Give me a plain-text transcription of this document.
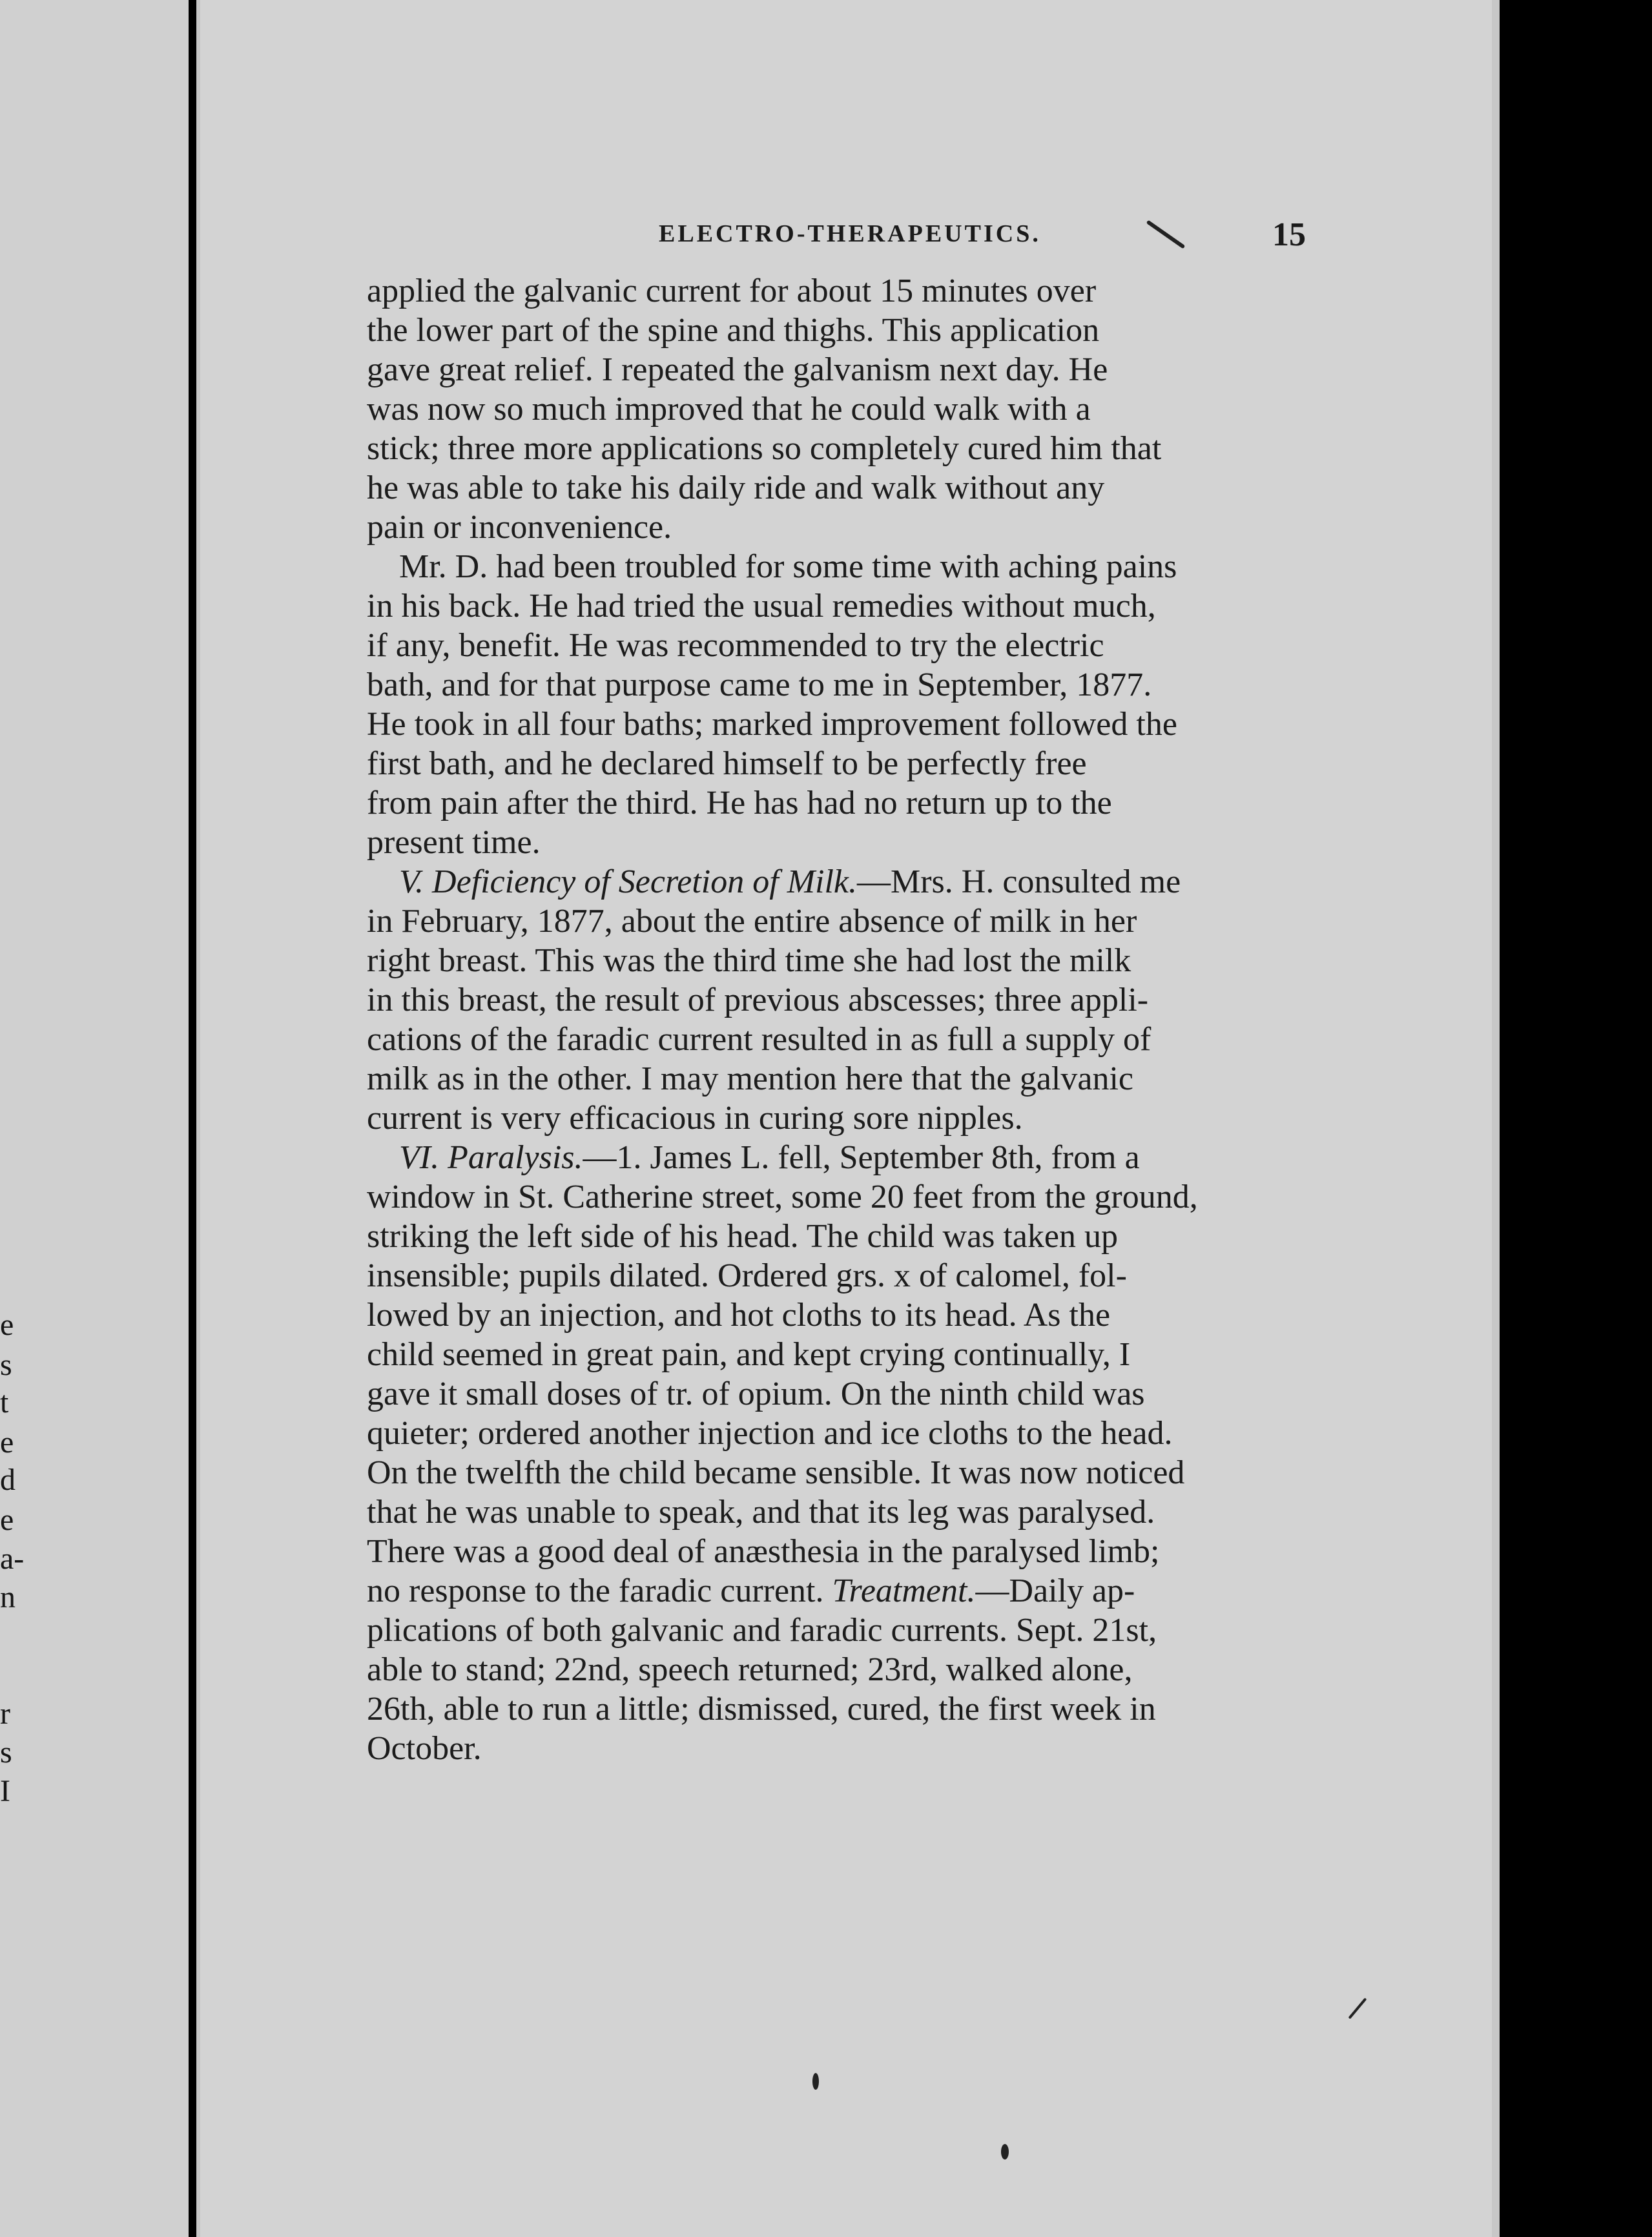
e
s
t
e
d
e
a-
n
r
s
I
ELECTRO-THERAPEUTICS.	15

applied the galvanic current for about 15 minutes over
the lower part of the spine and thighs. This application
gave great relief. I repeated the galvanism next day. He
was now so much improved that he could walk with a
stick; three more applications so completely cured him that
he was able to take his daily ride and walk without any
pain or inconvenience.

Mr. D. had been troubled for some time with aching pains
in his back. He had tried the usual remedies without much,
if any, benefit. He was recommended to try the electric
bath, and for that purpose came to me in September, 1877.
He took in all four baths; marked improvement followed the
first bath, and he declared himself to be perfectly free
from pain after the third. He has had no return up to the
present time.

V. Deficiency of Secretion of Milk.—Mrs. H. consulted me
in February, 1877, about the entire absence of milk in her
right breast. This was the third time she had lost the milk
in this breast, the result of previous abscesses; three appli-
cations of the faradic current resulted in as full a supply of
milk as in the other. I may mention here that the galvanic
current is very efficacious in curing sore nipples.

VI. Paralysis.—1. James L. fell, September 8th, from a
window in St. Catherine street, some 20 feet from the ground,
striking the left side of his head. The child was taken up
insensible; pupils dilated. Ordered grs. x of calomel, fol-
lowed by an injection, and hot cloths to its head. As the
child seemed in great pain, and kept crying continually, I
gave it small doses of tr. of opium. On the ninth child was
quieter; ordered another injection and ice cloths to the head.
On the twelfth the child became sensible. It was now noticed
that he was unable to speak, and that its leg was paralysed.
There was a good deal of anæsthesia in the paralysed limb;
no response to the faradic current. Treatment.—Daily ap-
plications of both galvanic and faradic currents. Sept. 21st,
able to stand; 22nd, speech returned; 23rd, walked alone,
26th, able to run a little; dismissed, cured, the first week in
October.
